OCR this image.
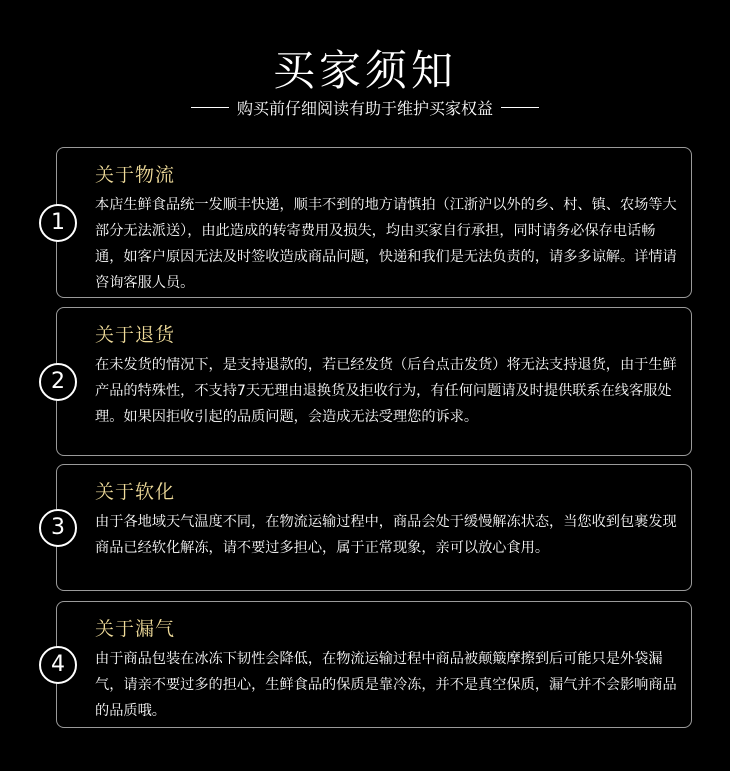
买家须知
购买前仔细阅读有助于维护买家权益
1
关于物流
本店生鲜食品统一发顺丰快递，顺丰不到的地方请慎拍（江浙沪以外的乡、村、镇、农场等大部分无法派送），由此造成的转寄费用及损失，均由买家自行承担，同时请务必保存电话畅通，如客户原因无法及时签收造成商品问题，快递和我们是无法负责的，请多多谅解。详情请咨询客服人员。
2
关于退货
在未发货的情况下，是支持退款的，若已经发货（后台点击发货）将无法支持退货，由于生鲜产品的特殊性，不支持7天无理由退换货及拒收行为，有任何问题请及时提供联系在线客服处理。如果因拒收引起的品质问题，会造成无法受理您的诉求。
3
关于软化
由于各地域天气温度不同，在物流运输过程中，商品会处于缓慢解冻状态，当您收到包裹发现商品已经软化解冻，请不要过多担心，属于正常现象，亲可以放心食用。
4
关于漏气
由于商品包装在冰冻下韧性会降低，在物流运输过程中商品被颠簸摩擦到后可能只是外袋漏气，请亲不要过多的担心，生鲜食品的保质是靠冷冻，并不是真空保质，漏气并不会影响商品的品质哦。
